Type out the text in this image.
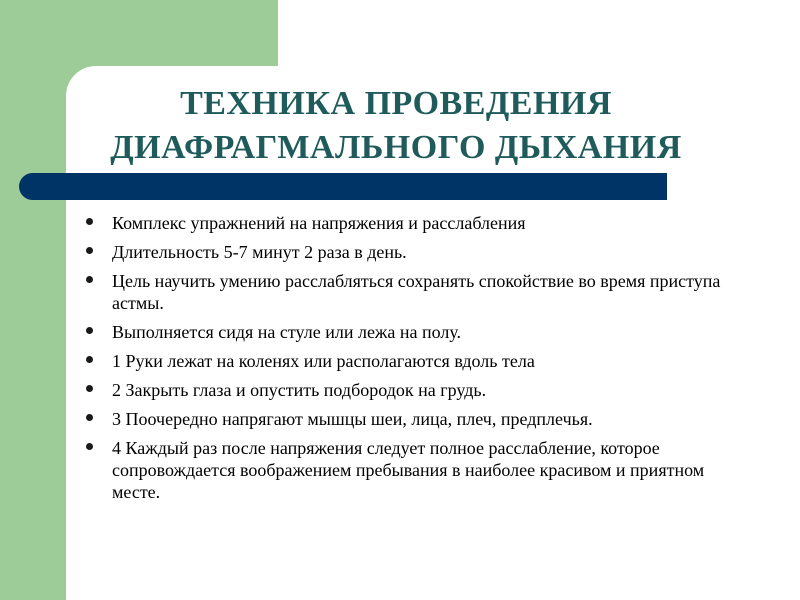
ТЕХНИКА ПРОВЕДЕНИЯ
ДИАФРАГМАЛЬНОГО ДЫХАНИЯ
Комплекс упражнений на напряжения и расслабления
Длительность 5-7 минут 2 раза в день.
Цель научить умению расслабляться сохранять спокойствие во время приступа астмы.
Выполняется сидя на стуле или лежа на полу.
1 Руки лежат на коленях или располагаются вдоль тела
2 Закрыть глаза и опустить подбородок на грудь.
3 Поочередно напрягают мышцы шеи, лица, плеч, предплечья.
4 Каждый раз после напряжения следует полное расслабление, которое сопровождается воображением пребывания в наиболее красивом и приятном месте.
